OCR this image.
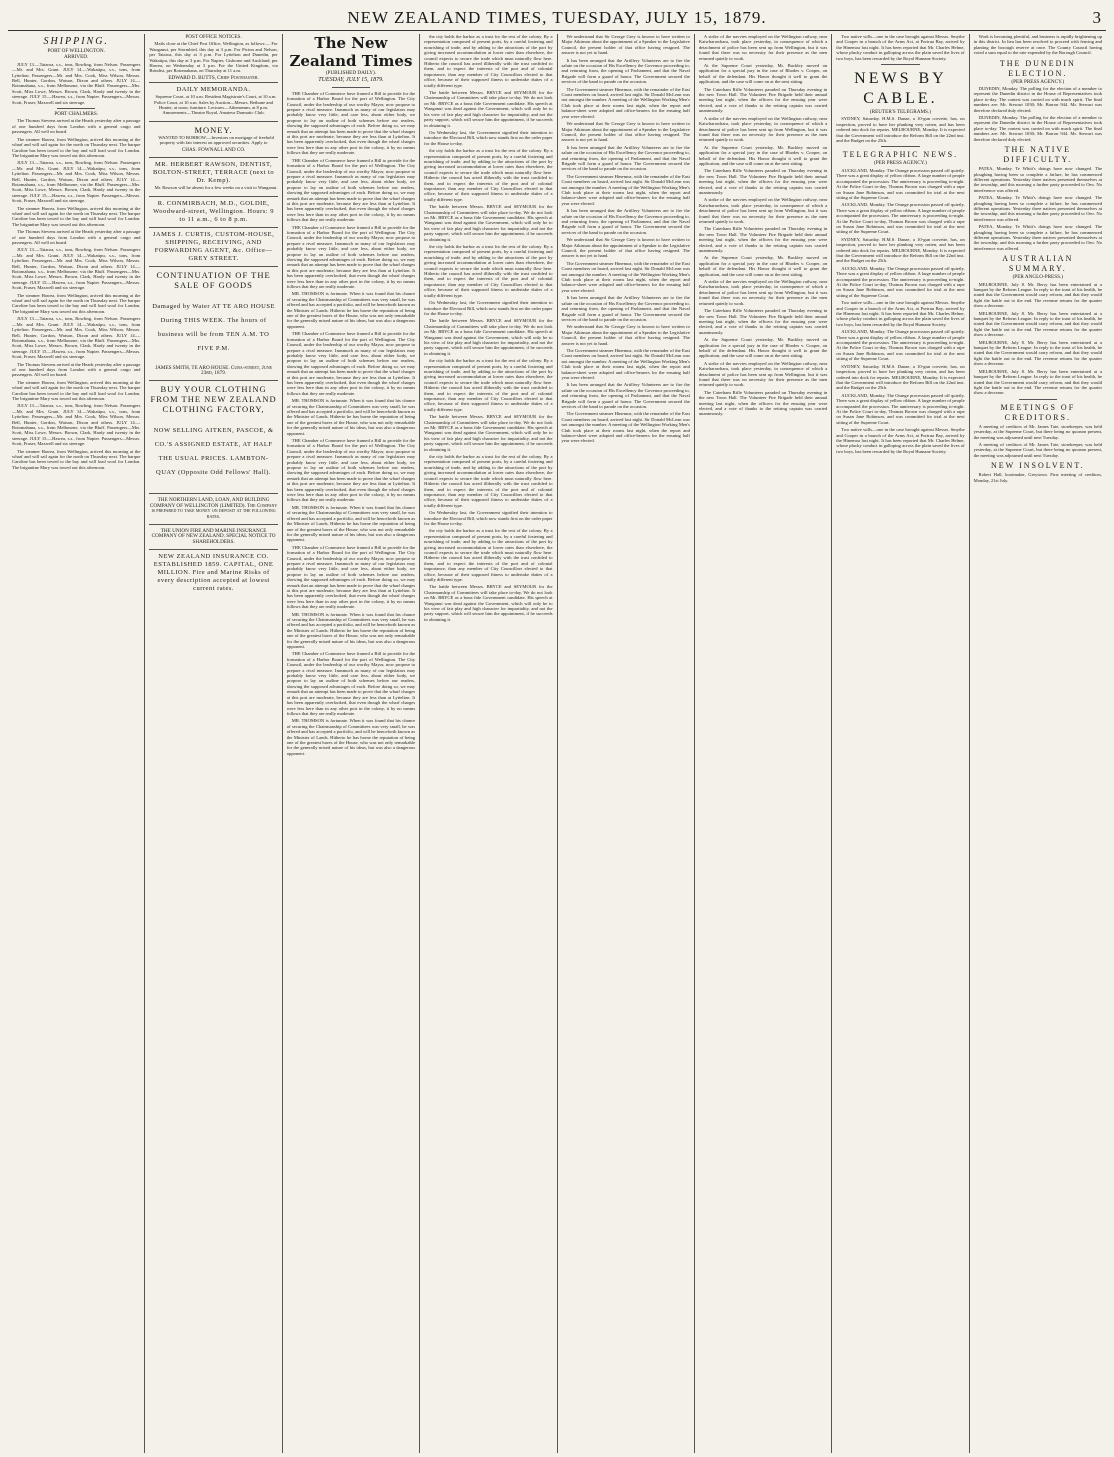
NEW ZEALAND TIMES, TUESDAY, JULY 15, 1879.	3
SHIPPING.
PORT OF WELLINGTON.
ARRIVED.

JULY 13.—Taiaroa, s.s., tons, Rowling, from Nelson. Passengers—Mr. and Mrs. Grant. JULY 14.—Wakatipu, s.s., tons, from Lyttelton. Passengers—Mr. and Mrs. Cook, Miss Wilson, Messrs. Bell, Hunter, Gordon, Watson, Dixon and others. JULY 14.—Rotomahana, s.s., from Melbourne, via the Bluff. Passengers—Mrs. Scott, Miss Lowe, Messrs. Brown, Clark, Hardy and twenty in the steerage. JULY 15.—Hawea, s.s., from Napier. Passengers—Messrs. Scott, Fraser, Maxwell and six steerage.

PORT CHALMERS.

The Thomas Stevens arrived at the Heads yesterday after a passage of one hundred days from London with a general cargo and passengers. All well on board.

The steamer Hawea, from Wellington, arrived this morning at the wharf and will sail again for the north on Thursday next. The barque Caroline has been towed to the bay and will load wool for London. The brigantine Mary was towed out this afternoon.

JULY 13.—Taiaroa, s.s., tons, Rowling, from Nelson. Passengers—Mr. and Mrs. Grant. JULY 14.—Wakatipu, s.s., tons, from Lyttelton. Passengers—Mr. and Mrs. Cook, Miss Wilson, Messrs. Bell, Hunter, Gordon, Watson, Dixon and others. JULY 14.—Rotomahana, s.s., from Melbourne, via the Bluff. Passengers—Mrs. Scott, Miss Lowe, Messrs. Brown, Clark, Hardy and twenty in the steerage. JULY 15.—Hawea, s.s., from Napier. Passengers—Messrs. Scott, Fraser, Maxwell and six steerage.

The steamer Hawea, from Wellington, arrived this morning at the wharf and will sail again for the north on Thursday next. The barque Caroline has been towed to the bay and will load wool for London. The brigantine Mary was towed out this afternoon.

The Thomas Stevens arrived at the Heads yesterday after a passage of one hundred days from London with a general cargo and passengers. All well on board.

JULY 13.—Taiaroa, s.s., tons, Rowling, from Nelson. Passengers—Mr. and Mrs. Grant. JULY 14.—Wakatipu, s.s., tons, from Lyttelton. Passengers—Mr. and Mrs. Cook, Miss Wilson, Messrs. Bell, Hunter, Gordon, Watson, Dixon and others. JULY 14.—Rotomahana, s.s., from Melbourne, via the Bluff. Passengers—Mrs. Scott, Miss Lowe, Messrs. Brown, Clark, Hardy and twenty in the steerage. JULY 15.—Hawea, s.s., from Napier. Passengers—Messrs. Scott, Fraser, Maxwell and six steerage.

The steamer Hawea, from Wellington, arrived this morning at the wharf and will sail again for the north on Thursday next. The barque Caroline has been towed to the bay and will load wool for London. The brigantine Mary was towed out this afternoon.

JULY 13.—Taiaroa, s.s., tons, Rowling, from Nelson. Passengers—Mr. and Mrs. Grant. JULY 14.—Wakatipu, s.s., tons, from Lyttelton. Passengers—Mr. and Mrs. Cook, Miss Wilson, Messrs. Bell, Hunter, Gordon, Watson, Dixon and others. JULY 14.—Rotomahana, s.s., from Melbourne, via the Bluff. Passengers—Mrs. Scott, Miss Lowe, Messrs. Brown, Clark, Hardy and twenty in the steerage. JULY 15.—Hawea, s.s., from Napier. Passengers—Messrs. Scott, Fraser, Maxwell and six steerage.

The Thomas Stevens arrived at the Heads yesterday after a passage of one hundred days from London with a general cargo and passengers. All well on board.

The steamer Hawea, from Wellington, arrived this morning at the wharf and will sail again for the north on Thursday next. The barque Caroline has been towed to the bay and will load wool for London. The brigantine Mary was towed out this afternoon.

JULY 13.—Taiaroa, s.s., tons, Rowling, from Nelson. Passengers—Mr. and Mrs. Grant. JULY 14.—Wakatipu, s.s., tons, from Lyttelton. Passengers—Mr. and Mrs. Cook, Miss Wilson, Messrs. Bell, Hunter, Gordon, Watson, Dixon and others. JULY 14.—Rotomahana, s.s., from Melbourne, via the Bluff. Passengers—Mrs. Scott, Miss Lowe, Messrs. Brown, Clark, Hardy and twenty in the steerage. JULY 15.—Hawea, s.s., from Napier. Passengers—Messrs. Scott, Fraser, Maxwell and six steerage.

The steamer Hawea, from Wellington, arrived this morning at the wharf and will sail again for the north on Thursday next. The barque Caroline has been towed to the bay and will load wool for London. The brigantine Mary was towed out this afternoon.

POST OFFICE NOTICES.

Mails close at the Chief Post Office, Wellington, as follows:— For Wanganui, per Stormbird, this day at 3 p.m. For Picton and Nelson, per Taiaroa, this day at 3 p.m. For Lyttelton and Dunedin, per Wakatipu, this day at 3 p.m. For Napier, Gisborne and Auckland, per Hawea, on Wednesday at 3 p.m. For the United Kingdom, via Brindisi, per Rotomahana, on Thursday at 11 a.m.

EDWARD D. BUTTS, Chief Postmaster.
DAILY MEMORANDA.

Supreme Court, at 10 a.m. Resident Magistrate's Court, at 10 a.m. Police Court, at 10 a.m. Sales by Auction—Messrs. Bethune and Hunter, at noon, furniture. Lectures—Athenaeum, at 8 p.m. Amusements—Theatre Royal, Amateur Dramatic Club.

MONEY.

WANTED TO BORROW.—Investors on mortgage of freehold property with fair interest on approved securities. Apply to

CHAS. FOWNALL AND CO.
MR. HERBERT RAWSON, DENTIST, BOLTON-STREET, TERRACE (next to Dr. Kemp).

Mr. Rawson will be absent for a few weeks on a visit to Wanganui.

R. CONMIRBACH, M.D., GOLDIE, Woodward-street, Wellington. Hours: 9 to 11 a.m., 6 to 8 p.m.
JAMES J. CURTIS, CUSTOM-HOUSE, SHIPPING, RECEIVING, AND FORWARDING AGENT, &c. Office—GREY STREET.
CONTINUATION OF THE SALE OF GOODS
Damaged by Water AT TE ARO HOUSE During THIS WEEK. The hours of business will be from TEN A.M. TO FIVE P.M.
JAMES SMITH, TE ARO HOUSE. Cuba-street, June 23rd, 1879.
BUY YOUR CLOTHING FROM THE NEW ZEALAND CLOTHING FACTORY,
NOW SELLING AITKEN, PASCOE, & CO.'S ASSIGNED ESTATE, AT HALF THE USUAL PRICES. LAMBTON-QUAY (Opposite Odd Fellows' Hall).
THE NORTHERN LAND, LOAN, AND BUILDING COMPANY OF WELLINGTON (LIMITED). The Company is prepared to take money on deposit at the following rates.
THE UNION FIRE AND MARINE INSURANCE COMPANY OF NEW ZEALAND. SPECIAL NOTICE TO SHAREHOLDERS.
NEW ZEALAND INSURANCE CO. ESTABLISHED 1859. CAPITAL, ONE MILLION. Fire and Marine Risks of every description accepted at lowest current rates.
The New Zealand Times
(PUBLISHED DAILY).
TUESDAY, JULY 15, 1879.

THE Chamber of Commerce have framed a Bill to provide for the formation of a Harbor Board for the port of Wellington. The City Council, under the leadership of our worthy Mayor, now propose to prepare a rival measure. Inasmuch as many of our legislators may probably know very little, and care less, about either body, we propose to lay an outline of both schemes before our readers, showing the supposed advantages of each. Before doing so, we may remark that an attempt has been made to prove that the wharf charges at this port are moderate, because they are less than at Lyttelton. It has been apparently overlooked, that even though the wharf charges were less here than in any other port in the colony, it by no means follows that they are really moderate.

THE Chamber of Commerce have framed a Bill to provide for the formation of a Harbor Board for the port of Wellington. The City Council, under the leadership of our worthy Mayor, now propose to prepare a rival measure. Inasmuch as many of our legislators may probably know very little, and care less, about either body, we propose to lay an outline of both schemes before our readers, showing the supposed advantages of each. Before doing so, we may remark that an attempt has been made to prove that the wharf charges at this port are moderate, because they are less than at Lyttelton. It has been apparently overlooked, that even though the wharf charges were less here than in any other port in the colony, it by no means follows that they are really moderate.

THE Chamber of Commerce have framed a Bill to provide for the formation of a Harbor Board for the port of Wellington. The City Council, under the leadership of our worthy Mayor, now propose to prepare a rival measure. Inasmuch as many of our legislators may probably know very little, and care less, about either body, we propose to lay an outline of both schemes before our readers, showing the supposed advantages of each. Before doing so, we may remark that an attempt has been made to prove that the wharf charges at this port are moderate, because they are less than at Lyttelton. It has been apparently overlooked, that even though the wharf charges were less here than in any other port in the colony, it by no means follows that they are really moderate.

MR. THOMSON is fortunate. When it was found that his chance of securing the Chairmanship of Committees was very small, he was offered and has accepted a portfolio, and will be henceforth known as the Minister of Lands. Hitherto he has borne the reputation of being one of the greatest bores of the House, who was not only remarkable for the generally mixed nature of his ideas, but was also a dangerous opponent.

THE Chamber of Commerce have framed a Bill to provide for the formation of a Harbor Board for the port of Wellington. The City Council, under the leadership of our worthy Mayor, now propose to prepare a rival measure. Inasmuch as many of our legislators may probably know very little, and care less, about either body, we propose to lay an outline of both schemes before our readers, showing the supposed advantages of each. Before doing so, we may remark that an attempt has been made to prove that the wharf charges at this port are moderate, because they are less than at Lyttelton. It has been apparently overlooked, that even though the wharf charges were less here than in any other port in the colony, it by no means follows that they are really moderate.

MR. THOMSON is fortunate. When it was found that his chance of securing the Chairmanship of Committees was very small, he was offered and has accepted a portfolio, and will be henceforth known as the Minister of Lands. Hitherto he has borne the reputation of being one of the greatest bores of the House, who was not only remarkable for the generally mixed nature of his ideas, but was also a dangerous opponent.

THE Chamber of Commerce have framed a Bill to provide for the formation of a Harbor Board for the port of Wellington. The City Council, under the leadership of our worthy Mayor, now propose to prepare a rival measure. Inasmuch as many of our legislators may probably know very little, and care less, about either body, we propose to lay an outline of both schemes before our readers, showing the supposed advantages of each. Before doing so, we may remark that an attempt has been made to prove that the wharf charges at this port are moderate, because they are less than at Lyttelton. It has been apparently overlooked, that even though the wharf charges were less here than in any other port in the colony, it by no means follows that they are really moderate.

MR. THOMSON is fortunate. When it was found that his chance of securing the Chairmanship of Committees was very small, he was offered and has accepted a portfolio, and will be henceforth known as the Minister of Lands. Hitherto he has borne the reputation of being one of the greatest bores of the House, who was not only remarkable for the generally mixed nature of his ideas, but was also a dangerous opponent.

THE Chamber of Commerce have framed a Bill to provide for the formation of a Harbor Board for the port of Wellington. The City Council, under the leadership of our worthy Mayor, now propose to prepare a rival measure. Inasmuch as many of our legislators may probably know very little, and care less, about either body, we propose to lay an outline of both schemes before our readers, showing the supposed advantages of each. Before doing so, we may remark that an attempt has been made to prove that the wharf charges at this port are moderate, because they are less than at Lyttelton. It has been apparently overlooked, that even though the wharf charges were less here than in any other port in the colony, it by no means follows that they are really moderate.

MR. THOMSON is fortunate. When it was found that his chance of securing the Chairmanship of Committees was very small, he was offered and has accepted a portfolio, and will be henceforth known as the Minister of Lands. Hitherto he has borne the reputation of being one of the greatest bores of the House, who was not only remarkable for the generally mixed nature of his ideas, but was also a dangerous opponent.

THE Chamber of Commerce have framed a Bill to provide for the formation of a Harbor Board for the port of Wellington. The City Council, under the leadership of our worthy Mayor, now propose to prepare a rival measure. Inasmuch as many of our legislators may probably know very little, and care less, about either body, we propose to lay an outline of both schemes before our readers, showing the supposed advantages of each. Before doing so, we may remark that an attempt has been made to prove that the wharf charges at this port are moderate, because they are less than at Lyttelton. It has been apparently overlooked, that even though the wharf charges were less here than in any other port in the colony, it by no means follows that they are really moderate.

MR. THOMSON is fortunate. When it was found that his chance of securing the Chairmanship of Committees was very small, he was offered and has accepted a portfolio, and will be henceforth known as the Minister of Lands. Hitherto he has borne the reputation of being one of the greatest bores of the House, who was not only remarkable for the generally mixed nature of his ideas, but was also a dangerous opponent.

the city holds the harbor as a trust for the rest of the colony. By a representation composed of present ports, by a careful fostering and nourishing of trade, and by adding to the attractions of the port by giving increased accommodation at lower rates than elsewhere, the council expects to secure the trade which must naturally flow here. Hitherto the council has acted illiberally with the trust confided to them, and to expect the interests of the port and of colonial importance, than any member of City Councillors elected to that office, because of their supposed fitness to undertake duties of a totally different type.

The battle between Messrs. BRYCE and SEYMOUR for the Chairmanship of Committees will take place to-day. We do not look on Mr. BRYCE as a bona fide Government candidate. His speech at Wanganui was dead against the Government, which will only be to his view of fair play and high character for impartiality, and not the party support, which will secure him the appointment, if he succeeds in obtaining it.

On Wednesday last, the Government signified their intention to introduce the Electoral Bill, which now stands first on the order paper for the House to-day.

the city holds the harbor as a trust for the rest of the colony. By a representation composed of present ports, by a careful fostering and nourishing of trade, and by adding to the attractions of the port by giving increased accommodation at lower rates than elsewhere, the council expects to secure the trade which must naturally flow here. Hitherto the council has acted illiberally with the trust confided to them, and to expect the interests of the port and of colonial importance, than any member of City Councillors elected to that office, because of their supposed fitness to undertake duties of a totally different type.

The battle between Messrs. BRYCE and SEYMOUR for the Chairmanship of Committees will take place to-day. We do not look on Mr. BRYCE as a bona fide Government candidate. His speech at Wanganui was dead against the Government, which will only be to his view of fair play and high character for impartiality, and not the party support, which will secure him the appointment, if he succeeds in obtaining it.

the city holds the harbor as a trust for the rest of the colony. By a representation composed of present ports, by a careful fostering and nourishing of trade, and by adding to the attractions of the port by giving increased accommodation at lower rates than elsewhere, the council expects to secure the trade which must naturally flow here. Hitherto the council has acted illiberally with the trust confided to them, and to expect the interests of the port and of colonial importance, than any member of City Councillors elected to that office, because of their supposed fitness to undertake duties of a totally different type.

On Wednesday last, the Government signified their intention to introduce the Electoral Bill, which now stands first on the order paper for the House to-day.

The battle between Messrs. BRYCE and SEYMOUR for the Chairmanship of Committees will take place to-day. We do not look on Mr. BRYCE as a bona fide Government candidate. His speech at Wanganui was dead against the Government, which will only be to his view of fair play and high character for impartiality, and not the party support, which will secure him the appointment, if he succeeds in obtaining it.

the city holds the harbor as a trust for the rest of the colony. By a representation composed of present ports, by a careful fostering and nourishing of trade, and by adding to the attractions of the port by giving increased accommodation at lower rates than elsewhere, the council expects to secure the trade which must naturally flow here. Hitherto the council has acted illiberally with the trust confided to them, and to expect the interests of the port and of colonial importance, than any member of City Councillors elected to that office, because of their supposed fitness to undertake duties of a totally different type.

The battle between Messrs. BRYCE and SEYMOUR for the Chairmanship of Committees will take place to-day. We do not look on Mr. BRYCE as a bona fide Government candidate. His speech at Wanganui was dead against the Government, which will only be to his view of fair play and high character for impartiality, and not the party support, which will secure him the appointment, if he succeeds in obtaining it.

the city holds the harbor as a trust for the rest of the colony. By a representation composed of present ports, by a careful fostering and nourishing of trade, and by adding to the attractions of the port by giving increased accommodation at lower rates than elsewhere, the council expects to secure the trade which must naturally flow here. Hitherto the council has acted illiberally with the trust confided to them, and to expect the interests of the port and of colonial importance, than any member of City Councillors elected to that office, because of their supposed fitness to undertake duties of a totally different type.

On Wednesday last, the Government signified their intention to introduce the Electoral Bill, which now stands first on the order paper for the House to-day.

the city holds the harbor as a trust for the rest of the colony. By a representation composed of present ports, by a careful fostering and nourishing of trade, and by adding to the attractions of the port by giving increased accommodation at lower rates than elsewhere, the council expects to secure the trade which must naturally flow here. Hitherto the council has acted illiberally with the trust confided to them, and to expect the interests of the port and of colonial importance, than any member of City Councillors elected to that office, because of their supposed fitness to undertake duties of a totally different type.

The battle between Messrs. BRYCE and SEYMOUR for the Chairmanship of Committees will take place to-day. We do not look on Mr. BRYCE as a bona fide Government candidate. His speech at Wanganui was dead against the Government, which will only be to his view of fair play and high character for impartiality, and not the party support, which will secure him the appointment, if he succeeds in obtaining it.

We understand that Sir George Grey is known to have written to Major Atkinson about the appointment of a Speaker to the Legislative Council, the present holder of that office having resigned. The answer is not yet to hand.

It has been arranged that the Artillery Volunteers are to fire the salute on the occasion of His Excellency the Governor proceeding to, and returning from, the opening of Parliament, and that the Naval Brigade will form a guard of honor. The Government secured the services of the band to parade on the occasion.

The Government steamer Hinemoa, with the remainder of the East Coast members on board, arrived last night. Sir Donald McLean was not amongst the number. A meeting of the Wellington Working Men's Club took place at their rooms last night, when the report and balance-sheet were adopted and office-bearers for the ensuing half year were elected.

We understand that Sir George Grey is known to have written to Major Atkinson about the appointment of a Speaker to the Legislative Council, the present holder of that office having resigned. The answer is not yet to hand.

It has been arranged that the Artillery Volunteers are to fire the salute on the occasion of His Excellency the Governor proceeding to, and returning from, the opening of Parliament, and that the Naval Brigade will form a guard of honor. The Government secured the services of the band to parade on the occasion.

The Government steamer Hinemoa, with the remainder of the East Coast members on board, arrived last night. Sir Donald McLean was not amongst the number. A meeting of the Wellington Working Men's Club took place at their rooms last night, when the report and balance-sheet were adopted and office-bearers for the ensuing half year were elected.

It has been arranged that the Artillery Volunteers are to fire the salute on the occasion of His Excellency the Governor proceeding to, and returning from, the opening of Parliament, and that the Naval Brigade will form a guard of honor. The Government secured the services of the band to parade on the occasion.

We understand that Sir George Grey is known to have written to Major Atkinson about the appointment of a Speaker to the Legislative Council, the present holder of that office having resigned. The answer is not yet to hand.

The Government steamer Hinemoa, with the remainder of the East Coast members on board, arrived last night. Sir Donald McLean was not amongst the number. A meeting of the Wellington Working Men's Club took place at their rooms last night, when the report and balance-sheet were adopted and office-bearers for the ensuing half year were elected.

It has been arranged that the Artillery Volunteers are to fire the salute on the occasion of His Excellency the Governor proceeding to, and returning from, the opening of Parliament, and that the Naval Brigade will form a guard of honor. The Government secured the services of the band to parade on the occasion.

We understand that Sir George Grey is known to have written to Major Atkinson about the appointment of a Speaker to the Legislative Council, the present holder of that office having resigned. The answer is not yet to hand.

The Government steamer Hinemoa, with the remainder of the East Coast members on board, arrived last night. Sir Donald McLean was not amongst the number. A meeting of the Wellington Working Men's Club took place at their rooms last night, when the report and balance-sheet were adopted and office-bearers for the ensuing half year were elected.

It has been arranged that the Artillery Volunteers are to fire the salute on the occasion of His Excellency the Governor proceeding to, and returning from, the opening of Parliament, and that the Naval Brigade will form a guard of honor. The Government secured the services of the band to parade on the occasion.

The Government steamer Hinemoa, with the remainder of the East Coast members on board, arrived last night. Sir Donald McLean was not amongst the number. A meeting of the Wellington Working Men's Club took place at their rooms last night, when the report and balance-sheet were adopted and office-bearers for the ensuing half year were elected.

A strike of the navvies employed on the Wellington railway, near Kaiwharawhara, took place yesterday, in consequence of which a detachment of police has been sent up from Wellington, but it was found that there was no necessity for their presence as the men returned quietly to work.

At the Supreme Court yesterday, Mr. Buckley moved on application for a special jury in the case of Rhodes v. Cooper, on behalf of the defendant. His Honor thought it well to grant the application, and the case will come on at the next sitting.

The Caterham Rifle Volunteers paraded on Thursday evening in the new Town Hall. The Volunteer Fire Brigade held their annual meeting last night, when the officers for the ensuing year were elected, and a vote of thanks to the retiring captain was carried unanimously.

A strike of the navvies employed on the Wellington railway, near Kaiwharawhara, took place yesterday, in consequence of which a detachment of police has been sent up from Wellington, but it was found that there was no necessity for their presence as the men returned quietly to work.

At the Supreme Court yesterday, Mr. Buckley moved on application for a special jury in the case of Rhodes v. Cooper, on behalf of the defendant. His Honor thought it well to grant the application, and the case will come on at the next sitting.

The Caterham Rifle Volunteers paraded on Thursday evening in the new Town Hall. The Volunteer Fire Brigade held their annual meeting last night, when the officers for the ensuing year were elected, and a vote of thanks to the retiring captain was carried unanimously.

A strike of the navvies employed on the Wellington railway, near Kaiwharawhara, took place yesterday, in consequence of which a detachment of police has been sent up from Wellington, but it was found that there was no necessity for their presence as the men returned quietly to work.

The Caterham Rifle Volunteers paraded on Thursday evening in the new Town Hall. The Volunteer Fire Brigade held their annual meeting last night, when the officers for the ensuing year were elected, and a vote of thanks to the retiring captain was carried unanimously.

At the Supreme Court yesterday, Mr. Buckley moved on application for a special jury in the case of Rhodes v. Cooper, on behalf of the defendant. His Honor thought it well to grant the application, and the case will come on at the next sitting.

A strike of the navvies employed on the Wellington railway, near Kaiwharawhara, took place yesterday, in consequence of which a detachment of police has been sent up from Wellington, but it was found that there was no necessity for their presence as the men returned quietly to work.

The Caterham Rifle Volunteers paraded on Thursday evening in the new Town Hall. The Volunteer Fire Brigade held their annual meeting last night, when the officers for the ensuing year were elected, and a vote of thanks to the retiring captain was carried unanimously.

At the Supreme Court yesterday, Mr. Buckley moved on application for a special jury in the case of Rhodes v. Cooper, on behalf of the defendant. His Honor thought it well to grant the application, and the case will come on at the next sitting.

A strike of the navvies employed on the Wellington railway, near Kaiwharawhara, took place yesterday, in consequence of which a detachment of police has been sent up from Wellington, but it was found that there was no necessity for their presence as the men returned quietly to work.

The Caterham Rifle Volunteers paraded on Thursday evening in the new Town Hall. The Volunteer Fire Brigade held their annual meeting last night, when the officers for the ensuing year were elected, and a vote of thanks to the retiring captain was carried unanimously.

Two native wills—one in the case brought against Messrs. Smythe and Cooper in a branch of the Arms Act, at Porirua Bay, arrived by the Hinemoa last night. It has been reported that Mr. Charles Helme, whose plucky conduct in galloping across the plain saved the lives of two boys, has been rewarded by the Royal Humane Society.

NEWS BY CABLE.
(REUTER'S TELEGRAMS.)

SYDNEY, Saturday. H.M.S. Danae, a 10-gun corvette, has, on inspection, proved to have her planking very rotten, and has been ordered into dock for repairs. MELBOURNE, Monday. It is expected that the Government will introduce the Reform Bill on the 22nd inst. and the Budget on the 25th.

TELEGRAPHIC NEWS.
(PER PRESS AGENCY.)

AUCKLAND, Monday. The Orange procession passed off quietly. There was a great display of yellow ribbon. A large number of people accompanied the procession. The anniversary is proceeding to-night. At the Police Court to-day, Thomas Brown was charged with a rape on Susan Jane Robinson, and was committed for trial at the next sitting of the Supreme Court.

AUCKLAND, Monday. The Orange procession passed off quietly. There was a great display of yellow ribbon. A large number of people accompanied the procession. The anniversary is proceeding to-night. At the Police Court to-day, Thomas Brown was charged with a rape on Susan Jane Robinson, and was committed for trial at the next sitting of the Supreme Court.

SYDNEY, Saturday. H.M.S. Danae, a 10-gun corvette, has, on inspection, proved to have her planking very rotten, and has been ordered into dock for repairs. MELBOURNE, Monday. It is expected that the Government will introduce the Reform Bill on the 22nd inst. and the Budget on the 25th.

AUCKLAND, Monday. The Orange procession passed off quietly. There was a great display of yellow ribbon. A large number of people accompanied the procession. The anniversary is proceeding to-night. At the Police Court to-day, Thomas Brown was charged with a rape on Susan Jane Robinson, and was committed for trial at the next sitting of the Supreme Court.

Two native wills—one in the case brought against Messrs. Smythe and Cooper in a branch of the Arms Act, at Porirua Bay, arrived by the Hinemoa last night. It has been reported that Mr. Charles Helme, whose plucky conduct in galloping across the plain saved the lives of two boys, has been rewarded by the Royal Humane Society.

AUCKLAND, Monday. The Orange procession passed off quietly. There was a great display of yellow ribbon. A large number of people accompanied the procession. The anniversary is proceeding to-night. At the Police Court to-day, Thomas Brown was charged with a rape on Susan Jane Robinson, and was committed for trial at the next sitting of the Supreme Court.

SYDNEY, Saturday. H.M.S. Danae, a 10-gun corvette, has, on inspection, proved to have her planking very rotten, and has been ordered into dock for repairs. MELBOURNE, Monday. It is expected that the Government will introduce the Reform Bill on the 22nd inst. and the Budget on the 25th.

AUCKLAND, Monday. The Orange procession passed off quietly. There was a great display of yellow ribbon. A large number of people accompanied the procession. The anniversary is proceeding to-night. At the Police Court to-day, Thomas Brown was charged with a rape on Susan Jane Robinson, and was committed for trial at the next sitting of the Supreme Court.

Two native wills—one in the case brought against Messrs. Smythe and Cooper in a branch of the Arms Act, at Porirua Bay, arrived by the Hinemoa last night. It has been reported that Mr. Charles Helme, whose plucky conduct in galloping across the plain saved the lives of two boys, has been rewarded by the Royal Humane Society.

Work is becoming plentiful, and business is rapidly brightening up in this district. In lieu has been resolved to proceed with fencing and planting the borough reserve at once. The County Council having voted a sum equal to the rate expended by the Borough Council.

THE DUNEDIN ELECTION.
(PER PRESS AGENCY.)

DUNEDIN, Monday. The polling for the election of a member to represent the Dunedin district in the House of Representatives took place to-day. The contest was carried on with much spirit. The final numbers are: Mr. Stewart 1030; Mr. Barron 944. Mr. Stewart was therefore declared duly elected.

DUNEDIN, Monday. The polling for the election of a member to represent the Dunedin district in the House of Representatives took place to-day. The contest was carried on with much spirit. The final numbers are: Mr. Stewart 1030; Mr. Barron 944. Mr. Stewart was therefore declared duly elected.

THE NATIVE DIFFICULTY.

PATEA, Monday. Te Whiti's doings have now changed. The ploughing having been so complete a failure, he has commenced different operations. Yesterday three natives presented themselves at the township, and this morning a further party proceeded to Oeo. No interference was offered.

PATEA, Monday. Te Whiti's doings have now changed. The ploughing having been so complete a failure, he has commenced different operations. Yesterday three natives presented themselves at the township, and this morning a further party proceeded to Oeo. No interference was offered.

PATEA, Monday. Te Whiti's doings have now changed. The ploughing having been so complete a failure, he has commenced different operations. Yesterday three natives presented themselves at the township, and this morning a further party proceeded to Oeo. No interference was offered.

AUSTRALIAN SUMMARY.
(PER ANGLO-PRESS.)

MELBOURNE, July 8. Mr. Berry has been entertained at a banquet by the Reform League. In reply to the toast of his health, he stated that the Government would carry reform, and that they would fight the battle out to the end. The revenue returns for the quarter show a decrease.

MELBOURNE, July 8. Mr. Berry has been entertained at a banquet by the Reform League. In reply to the toast of his health, he stated that the Government would carry reform, and that they would fight the battle out to the end. The revenue returns for the quarter show a decrease.

MELBOURNE, July 8. Mr. Berry has been entertained at a banquet by the Reform League. In reply to the toast of his health, he stated that the Government would carry reform, and that they would fight the battle out to the end. The revenue returns for the quarter show a decrease.

MELBOURNE, July 8. Mr. Berry has been entertained at a banquet by the Reform League. In reply to the toast of his health, he stated that the Government would carry reform, and that they would fight the battle out to the end. The revenue returns for the quarter show a decrease.

MEETINGS OF CREDITORS.

A meeting of creditors of Mr. James Tate, storekeeper, was held yesterday, at the Supreme Court, but there being no quorum present, the meeting was adjourned until next Tuesday.

A meeting of creditors of Mr. James Tate, storekeeper, was held yesterday, at the Supreme Court, but there being no quorum present, the meeting was adjourned until next Tuesday.

NEW INSOLVENT.

Robert Hall, bootmaker, Greytown. First meeting of creditors, Monday, 21st July.
